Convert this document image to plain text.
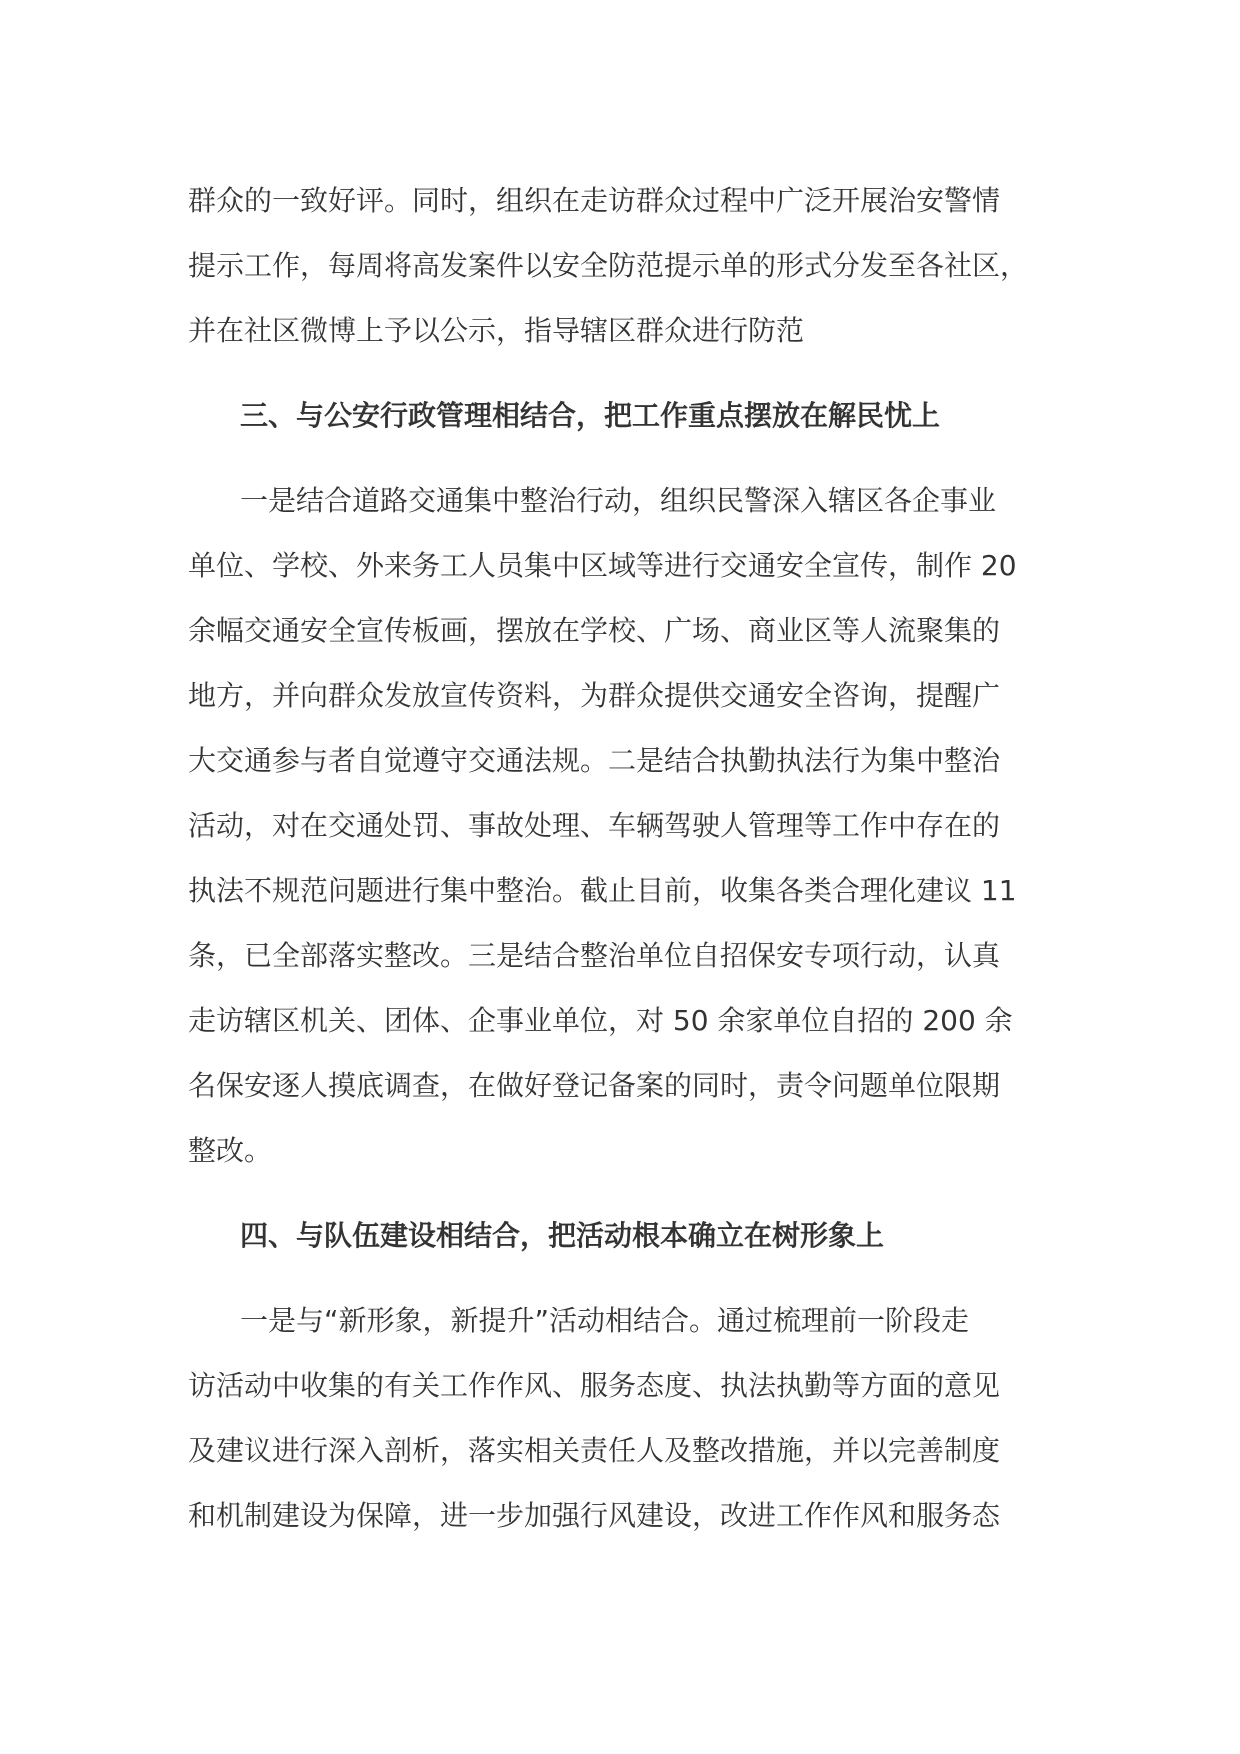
群众的一致好评。同时，组织在走访群众过程中广泛开展治安警情
提示工作，每周将高发案件以安全防范提示单的形式分发至各社区，
并在社区微博上予以公示，指导辖区群众进行防范
三、与公安行政管理相结合，把工作重点摆放在解民忧上
一是结合道路交通集中整治行动，组织民警深入辖区各企事业
单位、学校、外来务工人员集中区域等进行交通安全宣传，制作 20
余幅交通安全宣传板画，摆放在学校、广场、商业区等人流聚集的
地方，并向群众发放宣传资料，为群众提供交通安全咨询，提醒广
大交通参与者自觉遵守交通法规。二是结合执勤执法行为集中整治
活动，对在交通处罚、事故处理、车辆驾驶人管理等工作中存在的
执法不规范问题进行集中整治。截止目前，收集各类合理化建议 11
条，已全部落实整改。三是结合整治单位自招保安专项行动，认真
走访辖区机关、团体、企事业单位，对 50 余家单位自招的 200 余
名保安逐人摸底调查，在做好登记备案的同时，责令问题单位限期
整改。
四、与队伍建设相结合，把活动根本确立在树形象上
一是与“新形象，新提升”活动相结合。通过梳理前一阶段走
访活动中收集的有关工作作风、服务态度、执法执勤等方面的意见
及建议进行深入剖析，落实相关责任人及整改措施，并以完善制度
和机制建设为保障，进一步加强行风建设，改进工作作风和服务态
